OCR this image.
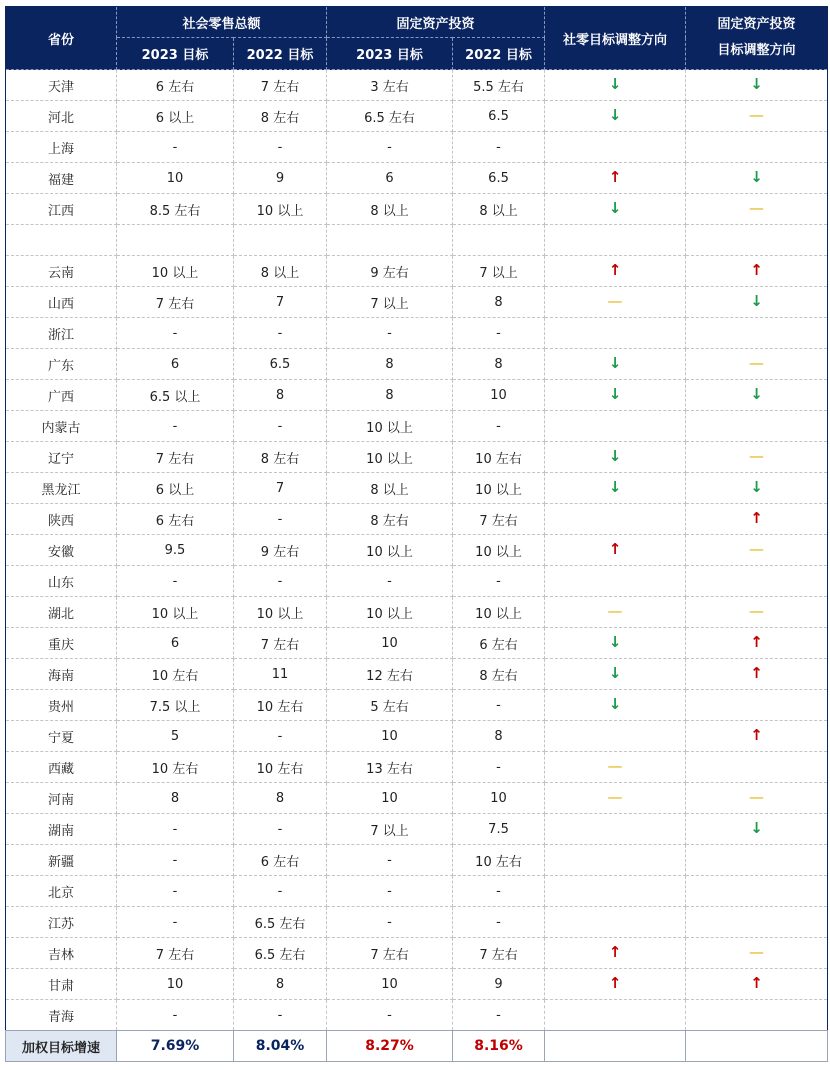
省份	社会零售总额		固定资产投资		社零目标调整方向	固定资产投资
目标调整方向

	2023 目标	2022 目标	2023 目标	2022 目标		
天津	6 左右	7 左右	3 左右	5.5 左右	↓	↓
河北	6 以上	8 左右	6.5 左右	6.5	↓	—
上海	-	-	-	-		
福建	10	9	6	6.5	↑	↓
江西	8.5 左右	10 以上	8 以上	8 以上	↓	—

云南	10 以上	8 以上	9 左右	7 以上	↑	↑
山西	7 左右	7	7 以上	8	—	↓
浙江	-	-	-	-		
广东	6	6.5	8	8	↓	—
广西	6.5 以上	8	8	10	↓	↓
内蒙古	-	-	10 以上	-		
辽宁	7 左右	8 左右	10 以上	10 左右	↓	—
黑龙江	6 以上	7	8 以上	10 以上	↓	↓
陕西	6 左右	-	8 左右	7 左右		↑
安徽	9.5	9 左右	10 以上	10 以上	↑	—
山东	-	-	-	-		
湖北	10 以上	10 以上	10 以上	10 以上	—	—
重庆	6	7 左右	10	6 左右	↓	↑
海南	10 左右	11	12 左右	8 左右	↓	↑
贵州	7.5 以上	10 左右	5 左右	-	↓	
宁夏	5	-	10	8		↑
西藏	10 左右	10 左右	13 左右	-	—	
河南	8	8	10	10	—	—
湖南	-	-	7 以上	7.5		↓
新疆	-	6 左右	-	10 左右		
北京	-	-	-	-		
江苏	-	6.5 左右	-	-		
吉林	7 左右	6.5 左右	7 左右	7 左右	↑	—
甘肃	10	8	10	9	↑	↑
青海	-	-	-	-		
加权目标增速	7.69%	8.04%	8.27%	8.16%		
